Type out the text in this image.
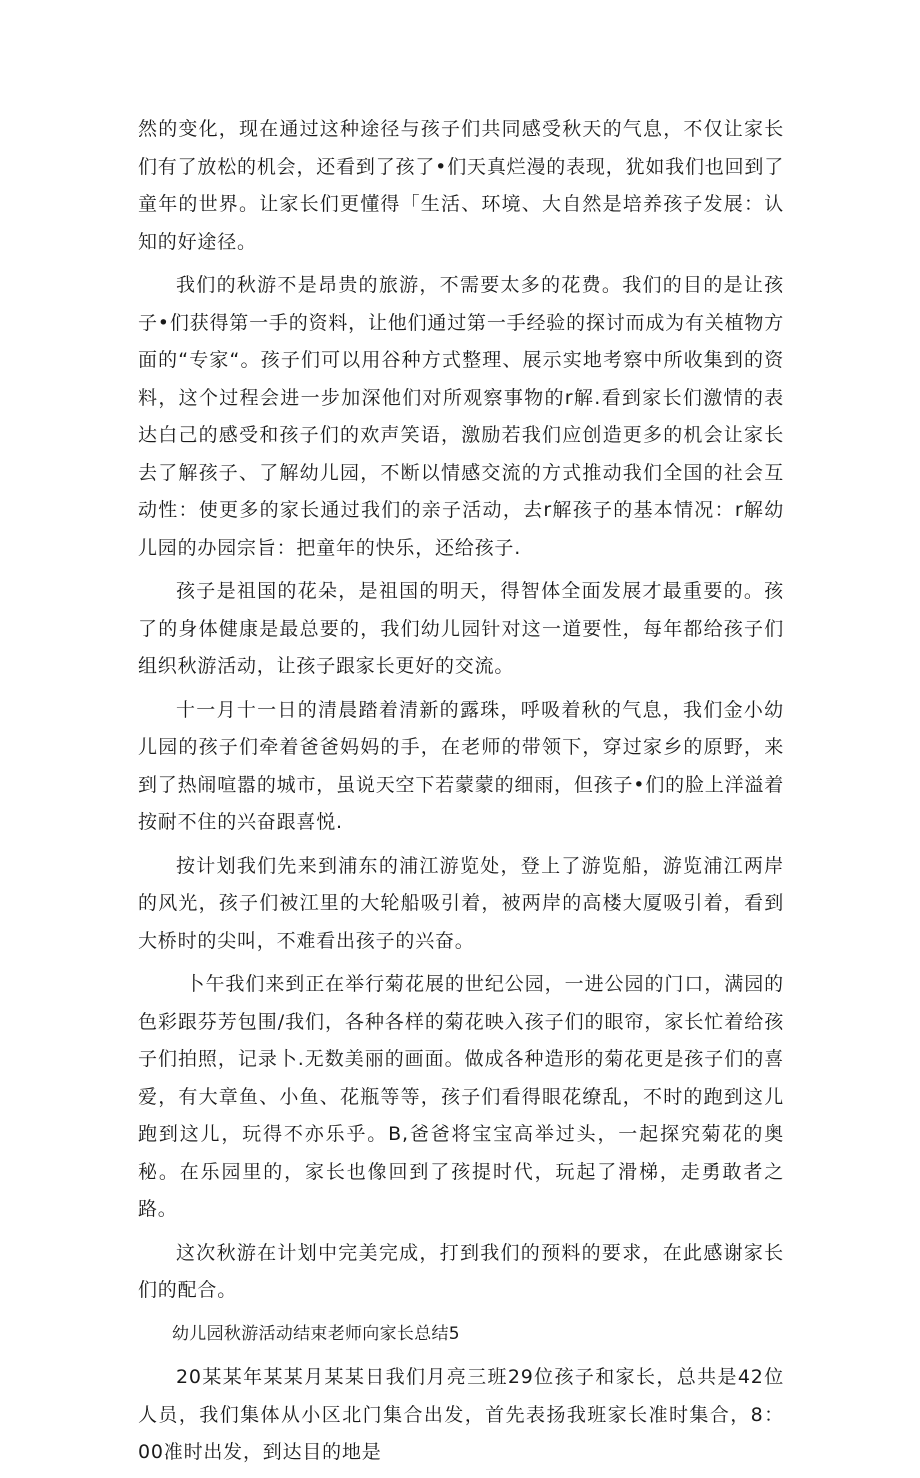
然的变化，现在通过这种途径与孩子们共同感受秋天的气息，不仅让家长们有了放松的机会，还看到了孩了•们天真烂漫的表现，犹如我们也回到了童年的世界。让家长们更懂得「生活、环境、大自然是培养孩子发展：认知的好途径。

我们的秋游不是昂贵的旅游，不需要太多的花费。我们的目的是让孩子•们获得第一手的资料，让他们通过第一手经验的探讨而成为有关植物方面的“专家“。孩子们可以用谷种方式整理、展示实地考察中所收集到的资料，这个过程会进一步加深他们对所观察事物的r解.看到家长们激情的表达白己的感受和孩子们的欢声笑语，激励若我们应创造更多的机会让家长去了解孩子、了解幼儿园，不断以情感交流的方式推动我们全国的社会互动性：使更多的家长通过我们的亲子活动，去r解孩子的基本情况：r解幼儿园的办园宗旨：把童年的快乐，还给孩子.

孩子是祖国的花朵，是祖国的明天，得智体全面发展才最重要的。孩了的身体健康是最总要的，我们幼儿园针对这一道要性，每年都给孩子们组织秋游活动，让孩子跟家长更好的交流。

十一月十一日的清晨踏着清新的露珠，呼吸着秋的气息，我们金小幼儿园的孩子们牵着爸爸妈妈的手，在老师的带领下，穿过家乡的原野，来到了热闹喧嚣的城市，虽说天空下若蒙蒙的细雨，但孩子•们的脸上洋溢着按耐不住的兴奋跟喜悦.

按计划我们先来到浦东的浦江游览处，登上了游览船，游览浦江两岸的风光，孩子们被江里的大轮船吸引着，被两岸的高楼大厦吸引着，看到大桥时的尖叫，不难看出孩子的兴奋。

卜午我们来到正在举行菊花展的世纪公园，一进公园的门口，满园的色彩跟芬芳包围/我们，各种各样的菊花映入孩子们的眼帘，家长忙着给孩子们拍照，记录卜.无数美丽的画面。做成各种造形的菊花更是孩子们的喜爱，有大章鱼、小鱼、花瓶等等，孩子们看得眼花缭乱，不时的跑到这儿跑到这儿，玩得不亦乐乎。B,爸爸将宝宝高举过头，一起探究菊花的奥秘。在乐园里的，家长也像回到了孩提时代，玩起了滑梯，走勇敢者之路。

这次秋游在计划中完美完成，打到我们的预料的要求，在此感谢家长们的配合。

幼儿园秋游活动结束老师向家长总结5

20某某年某某月某某日我们月亮三班29位孩子和家长，总共是42位人员，我们集体从小区北门集合出发，首先表扬我班家长准时集合，8：00准时出发，到达目的地是
